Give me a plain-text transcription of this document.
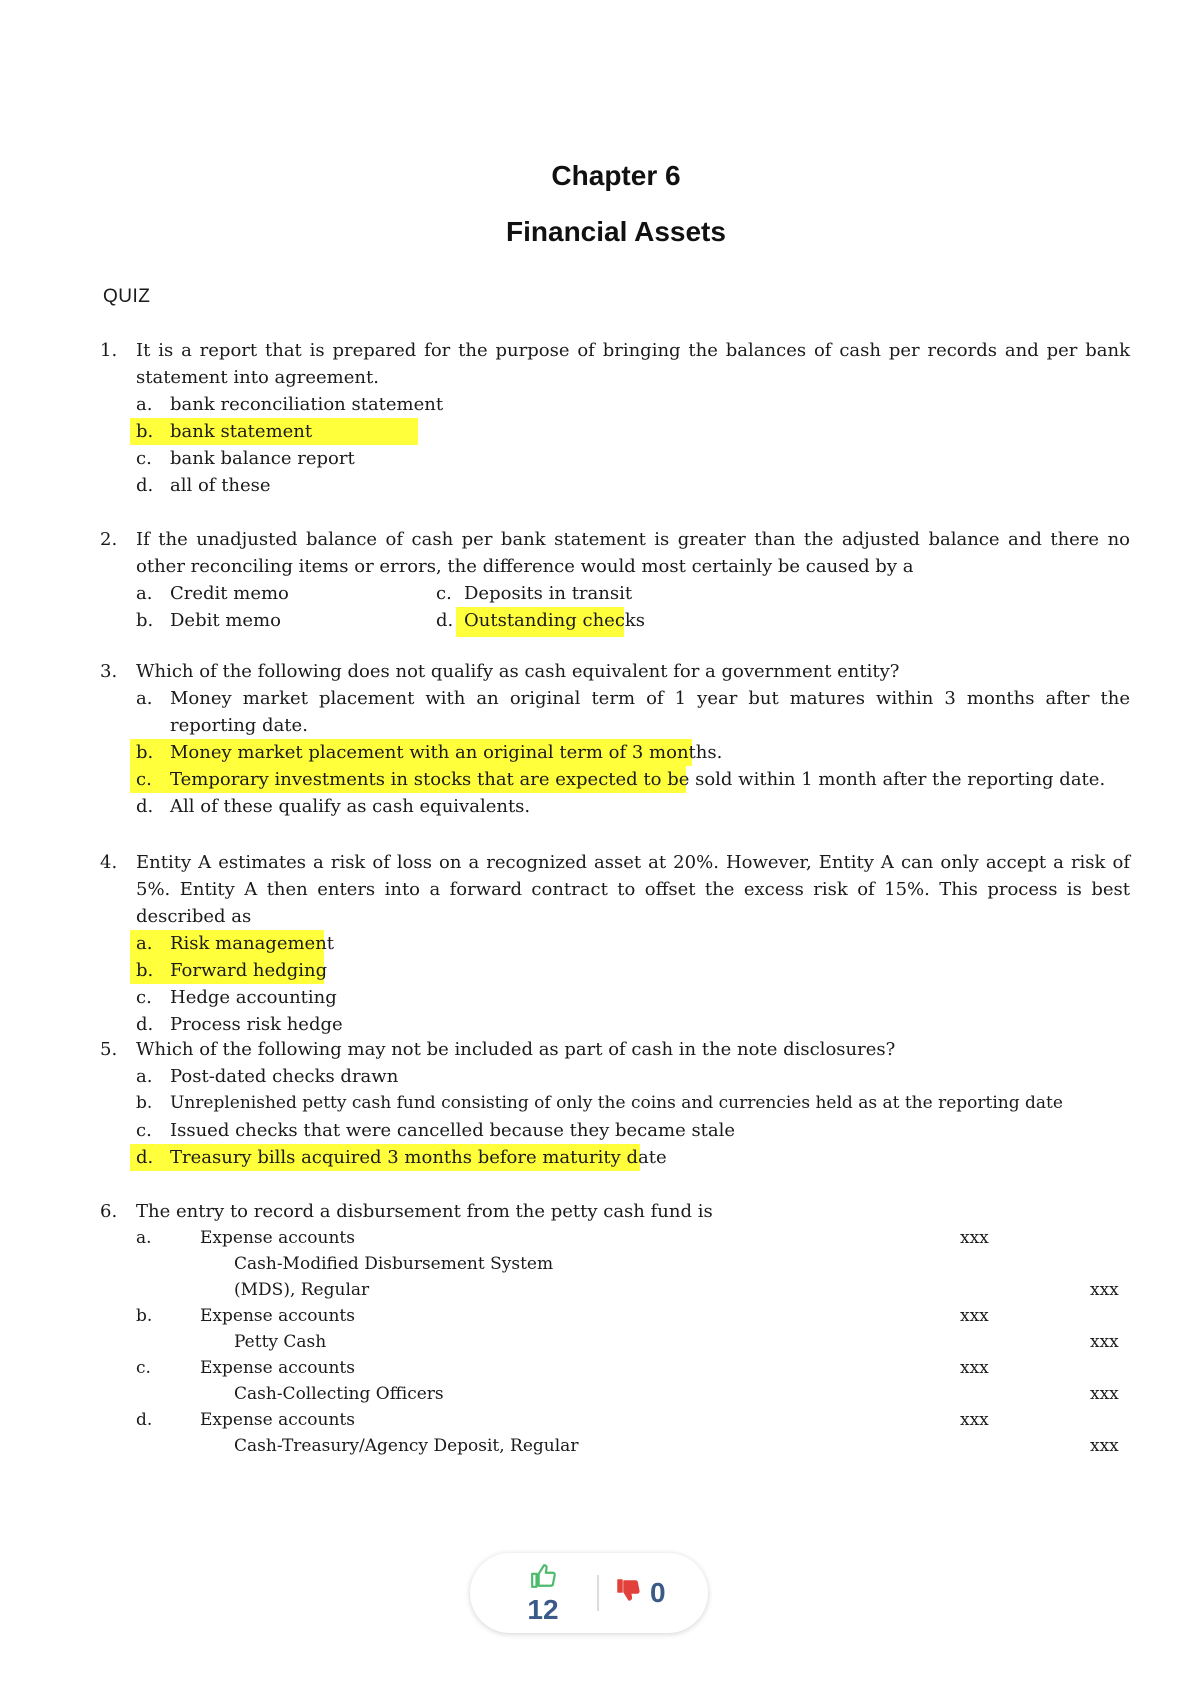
Chapter 6
Financial Assets
QUIZ
1. It is a report that is prepared for the purpose of bringing the balances of cash per records and per bank statement into agreement.
a. bank reconciliation statement
b. bank statement
c. bank balance report
d. all of these
2. If the unadjusted balance of cash per bank statement is greater than the adjusted balance and there no other reconciling items or errors, the difference would most certainly be caused by a
a. Credit memo	c. Deposits in transit
b. Debit memo	d. Outstanding checks
3. Which of the following does not qualify as cash equivalent for a government entity?
a. Money market placement with an original term of 1 year but matures within 3 months after the reporting date.
b. Money market placement with an original term of 3 months.
c. Temporary investments in stocks that are expected to be sold within 1 month after the reporting date.
d. All of these qualify as cash equivalents.
4. Entity A estimates a risk of loss on a recognized asset at 20%. However, Entity A can only accept a risk of 5%. Entity A then enters into a forward contract to offset the excess risk of 15%. This process is best described as
a. Risk management
b. Forward hedging
c. Hedge accounting
d. Process risk hedge
5. Which of the following may not be included as part of cash in the note disclosures?
a. Post-dated checks drawn
b. Unreplenished petty cash fund consisting of only the coins and currencies held as at the reporting date
c. Issued checks that were cancelled because they became stale
d. Treasury bills acquired 3 months before maturity date
6. The entry to record a disbursement from the petty cash fund is
a.	Expense accounts	xxx
Cash-Modified Disbursement System
(MDS), Regular	xxx
b.	Expense accounts	xxx
Petty Cash	xxx
c.	Expense accounts	xxx
Cash-Collecting Officers	xxx
d.	Expense accounts	xxx
Cash-Treasury/Agency Deposit, Regular	xxx
12
0
